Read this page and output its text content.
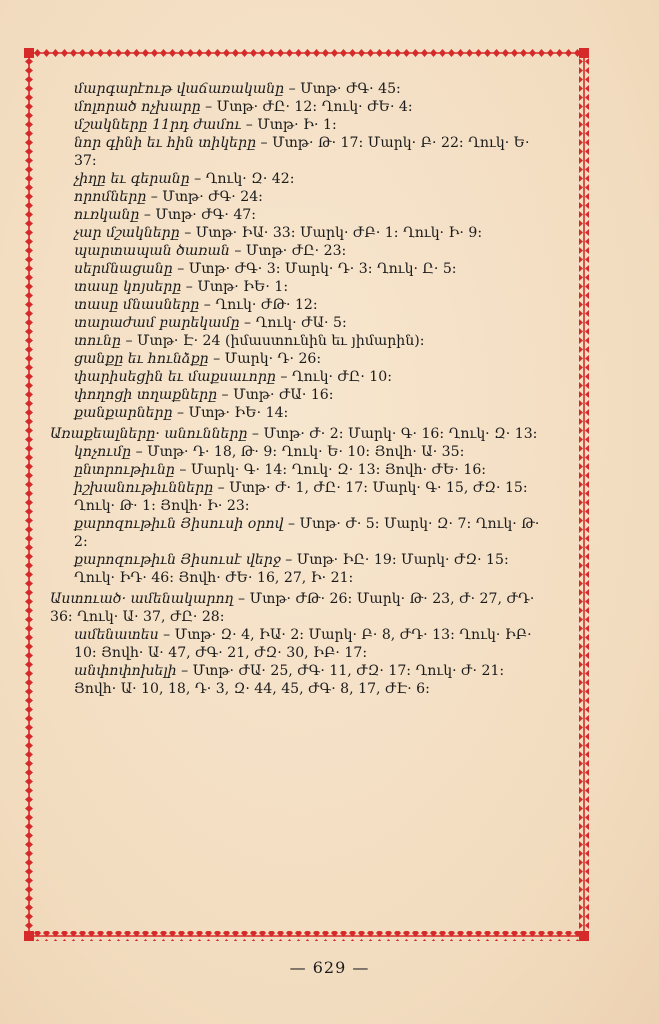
մարգարէութ վաճառականը – Մտթ· ԺԳ· 45:

մոլորած ոչխարը – Մտթ· ԺԸ· 12: Ղուկ· ԺԵ· 4:

մշակները 11րդ ժամու – Մտթ· Ի· 1:

նոր գինի եւ հին տիկերը – Մտթ· Թ· 17: Մարկ· Բ· 22: Ղուկ· Ե· 37:

չիղը եւ գերանը – Ղուկ· Զ· 42:

որոմները – Մտթ· ԺԳ· 24:

ուռկանը – Մտթ· ԺԳ· 47:

չար մշակները – Մտթ· ԻԱ· 33: Մարկ· ԺԲ· 1: Ղուկ· Ի· 9:

պարտապան ծառան – Մտթ· ԺԸ· 23:

սերմնացանը – Մտթ· ԺԳ· 3: Մարկ· Դ· 3: Ղուկ· Ը· 5:

տասը կոյսերը – Մտթ· ԻԵ· 1:

տասը մնասները – Ղուկ· ԺԹ· 12:

տարաժամ բարեկամը – Ղուկ· ԺԱ· 5:

տունը – Մտթ· Է· 24 (իմաստունին եւ յիմարին):

ցանքը եւ հունձքը – Մարկ· Դ· 26:

փարիսեցին եւ մաքսաւորը – Ղուկ· ԺԸ· 10:

փողոցի տղաքները – Մտթ· ԺԱ· 16:

քանքարները – Մտթ· ԻԵ· 14:

Առաքեալները· անունները – Մտթ· Ժ· 2: Մարկ· Գ· 16: Ղուկ· Զ· 13:

կոչումը – Մտթ· Դ· 18, Թ· 9: Ղուկ· Ե· 10: Յովհ· Ա· 35:

ընտրութիւնը – Մարկ· Գ· 14: Ղուկ· Զ· 13: Յովհ· ԺԵ· 16:

իշխանութիւնները – Մտթ· Ժ· 1, ԺԸ· 17: Մարկ· Գ· 15, ԺԶ· 15: Ղուկ· Թ· 1: Յովհ· Ի· 23:

քարոզութիւն Յիսուսի օրով – Մտթ· Ժ· 5: Մարկ· Զ· 7: Ղուկ· Թ· 2:

քարոզութիւն Յիսուսէ վերջ – Մտթ· ԻԸ· 19: Մարկ· ԺԶ· 15: Ղուկ· ԻԴ· 46: Յովհ· ԺԵ· 16, 27, Ի· 21:

Աստուած· ամենակարող – Մտթ· ԺԹ· 26: Մարկ· Թ· 23, Ժ· 27, ԺԴ· 36: Ղուկ· Ա· 37, ԺԸ· 28:

ամենատես – Մտթ· Զ· 4, ԻԱ· 2: Մարկ· Բ· 8, ԺԴ· 13: Ղուկ· ԻԲ· 10: Յովհ· Ա· 47, ԺԳ· 21, ԺԶ· 30, ԻԲ· 17:

անփոփոխելի – Մտթ· ԺԱ· 25, ԺԳ· 11, ԺԶ· 17: Ղուկ· Ժ· 21: Յովհ· Ա· 10, 18, Դ· 3, Զ· 44, 45, ԺԳ· 8, 17, ԺԷ· 6:

— 629 —
